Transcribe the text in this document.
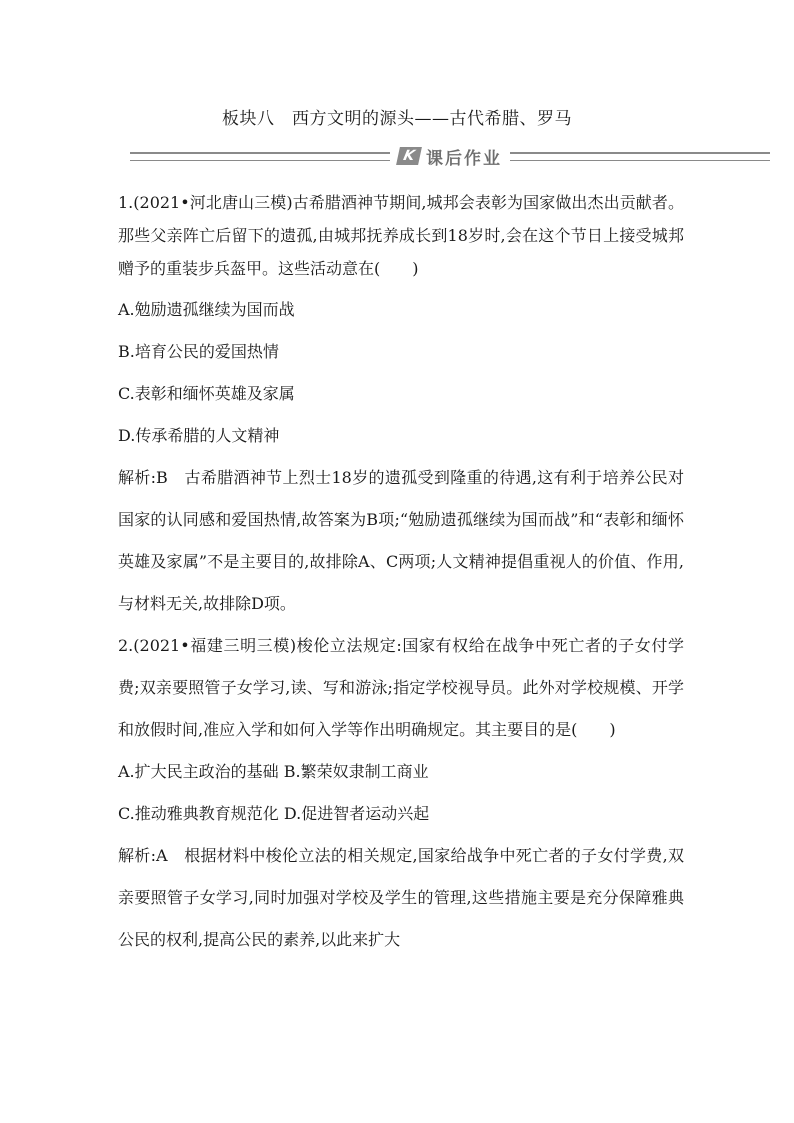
板块八　西方文明的源头——古代希腊、罗马
K 课后作业

1.(2021•河北唐山三模)古希腊酒神节期间,城邦会表彰为国家做出杰出贡献者。那些父亲阵亡后留下的遗孤,由城邦抚养成长到18岁时,会在这个节日上接受城邦赠予的重装步兵盔甲。这些活动意在(　　)

A.勉励遗孤继续为国而战

B.培育公民的爱国热情

C.表彰和缅怀英雄及家属

D.传承希腊的人文精神

解析:B　古希腊酒神节上烈士18岁的遗孤受到隆重的待遇,这有利于培养公民对国家的认同感和爱国热情,故答案为B项;“勉励遗孤继续为国而战”和“表彰和缅怀英雄及家属”不是主要目的,故排除A、C两项;人文精神提倡重视人的价值、作用,与材料无关,故排除D项。

2.(2021•福建三明三模)梭伦立法规定:国家有权给在战争中死亡者的子女付学费;双亲要照管子女学习,读、写和游泳;指定学校视导员。此外对学校规模、开学和放假时间,准应入学和如何入学等作出明确规定。其主要目的是(　　)

A.扩大民主政治的基础 B.繁荣奴隶制工商业

C.推动雅典教育规范化 D.促进智者运动兴起

解析:A　根据材料中梭伦立法的相关规定,国家给战争中死亡者的子女付学费,双亲要照管子女学习,同时加强对学校及学生的管理,这些措施主要是充分保障雅典公民的权利,提高公民的素养,以此来扩大
